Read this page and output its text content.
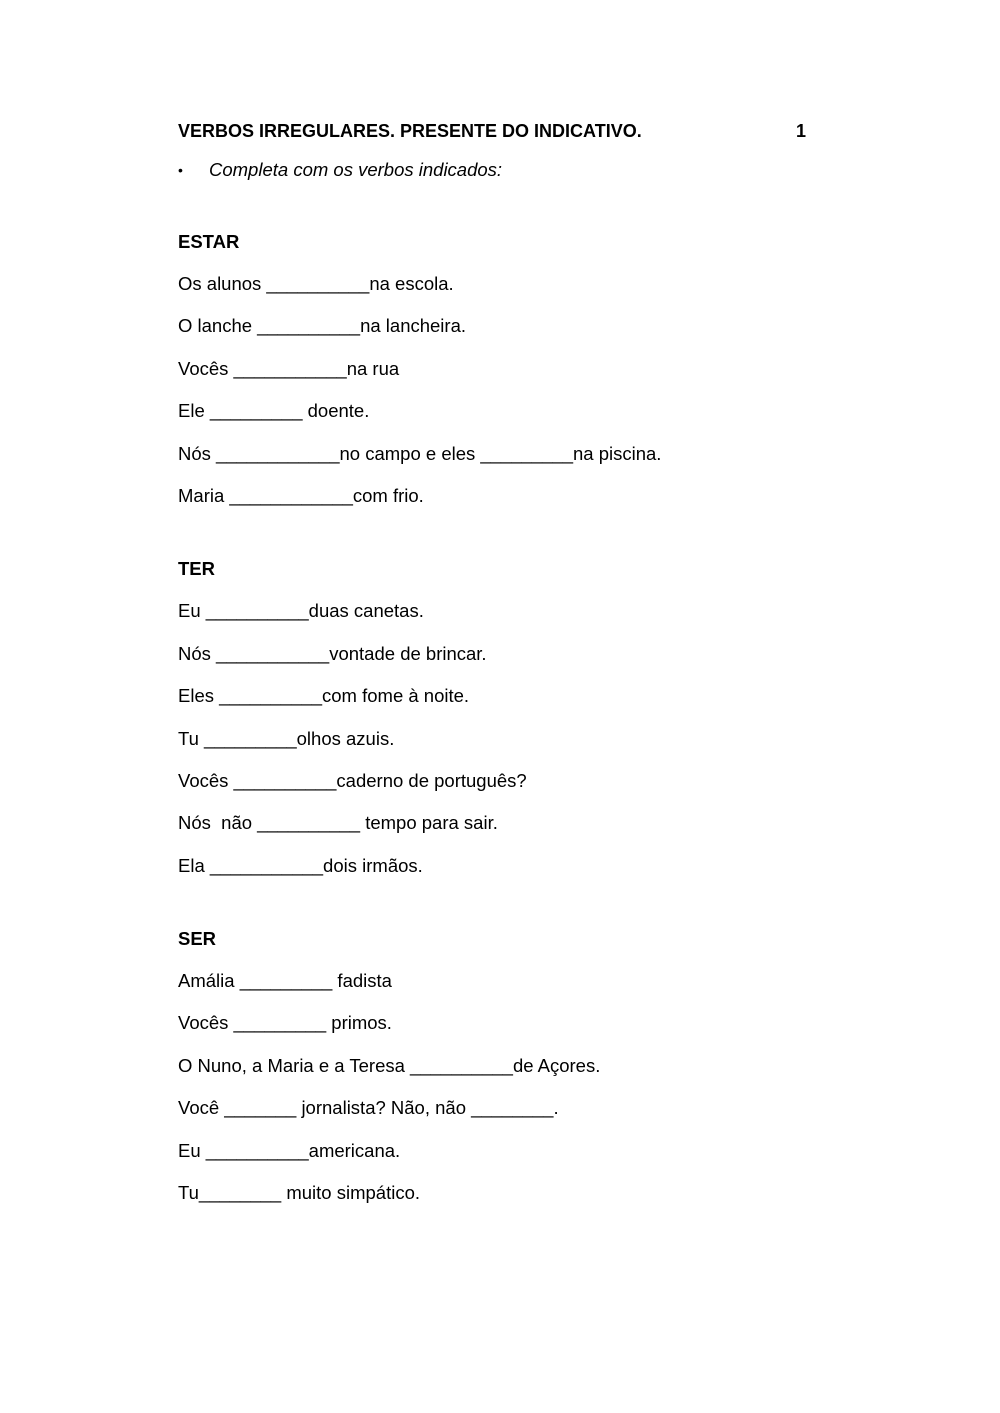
VERBOS IRREGULARES. PRESENTE DO INDICATIVO.	1
• Completa com os verbos indicados:
ESTAR
Os alunos __________na escola.
O lanche __________na lancheira.
Vocês ___________na rua
Ele _________ doente.
Nós ____________no campo e eles _________na piscina.
Maria ____________com frio.
TER
Eu __________duas canetas.
Nós ___________vontade de brincar.
Eles __________com fome à noite.
Tu _________olhos azuis.
Vocês __________caderno de português?
Nós  não __________ tempo para sair.
Ela ___________dois irmãos.
SER
Amália _________ fadista
Vocês _________ primos.
O Nuno, a Maria e a Teresa __________de Açores.
Você _______ jornalista? Não, não ________.
Eu __________americana.
Tu________ muito simpático.
